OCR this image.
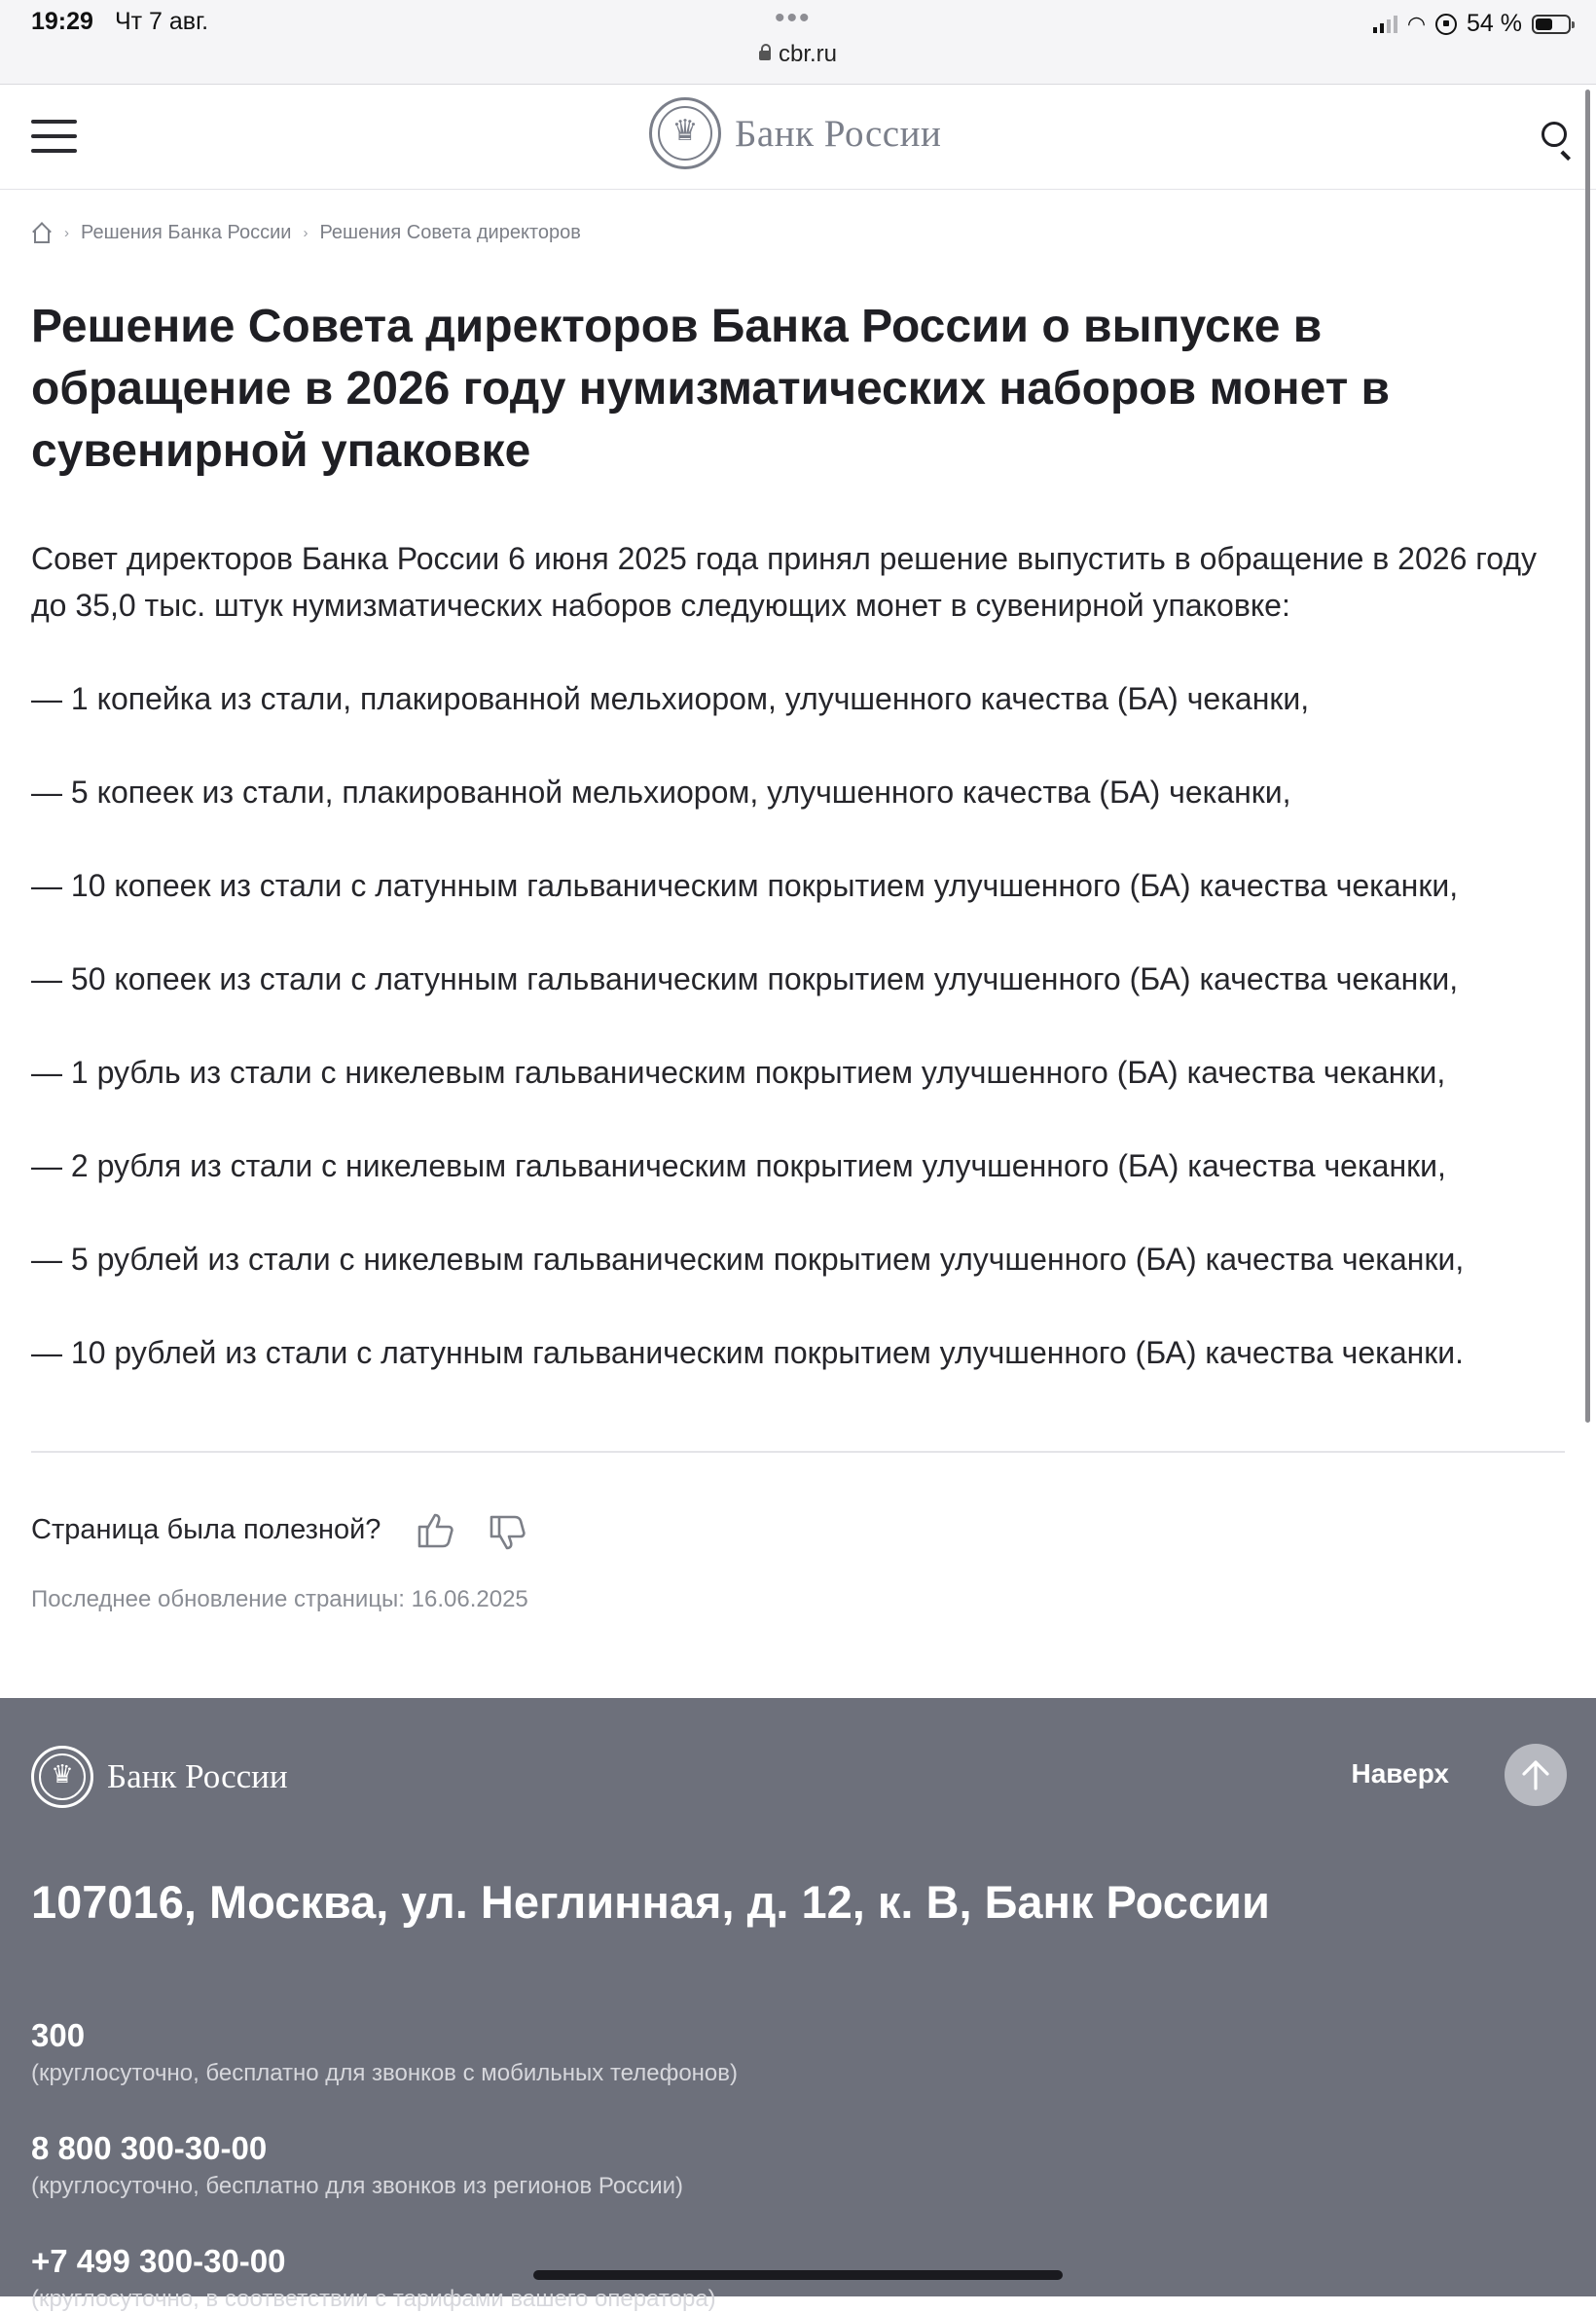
19:29 Чт 7 авг.	•••
cbr.ru
◠ 54 %
♛
Банк России
› Решения Банка России › Решения Совета директоров
Решение Совета директоров Банка России о выпуске в обращение в 2026 году нумизматических наборов монет в сувенирной упаковке

Совет директоров Банка России 6 июня 2025 года принял решение выпустить в обращение в 2026 году до 35,0 тыс. штук нумизматических наборов следующих монет в сувенирной упаковке:

— 1 копейка из стали, плакированной мельхиором, улучшенного качества (БА) чеканки,
— 5 копеек из стали, плакированной мельхиором, улучшенного качества (БА) чеканки,
— 10 копеек из стали с латунным гальваническим покрытием улучшенного (БА) качества чеканки,
— 50 копеек из стали с латунным гальваническим покрытием улучшенного (БА) качества чеканки,
— 1 рубль из стали с никелевым гальваническим покрытием улучшенного (БА) качества чеканки,
— 2 рубля из стали с никелевым гальваническим покрытием улучшенного (БА) качества чеканки,
— 5 рублей из стали с никелевым гальваническим покрытием улучшенного (БА) качества чеканки,
— 10 рублей из стали с латунным гальваническим покрытием улучшенного (БА) качества чеканки.
Страница была полезной?
Последнее обновление страницы: 16.06.2025
♛
Банк России	Наверх
107016, Москва, ул. Неглинная, д. 12, к. В, Банк России
300
(круглосуточно, бесплатно для звонков с мобильных телефонов)
8 800 300-30-00
(круглосуточно, бесплатно для звонков из регионов России)
+7 499 300-30-00
(круглосуточно, в соответствии с тарифами вашего оператора)
